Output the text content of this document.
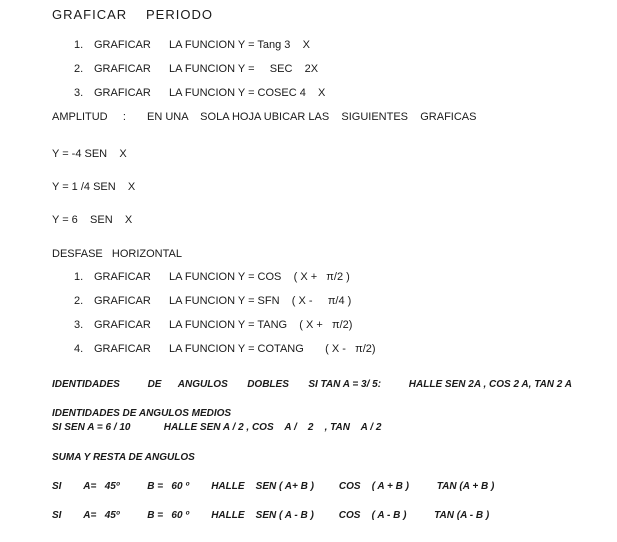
GRAFICAR PERIODO
1. GRAFICAR LA FUNCION Y = Tang 3    X
2. GRAFICAR LA FUNCION Y =     SEC    2X
3. GRAFICAR LA FUNCION Y = COSEC 4    X
AMPLITUD     : EN UNA    SOLA HOJA UBICAR LAS    SIGUIENTES    GRAFICAS
Y = -4 SEN    X
Y = 1 /4 SEN    X
Y = 6    SEN    X
DESFASE   HORIZONTAL
1. GRAFICAR LA FUNCION Y = COS    ( X +   π/2 )
2. GRAFICAR LA FUNCION Y = SFN    ( X -     π/4 )
3. GRAFICAR LA FUNCION Y = TANG    ( X +   π/2)
4. GRAFICAR LA FUNCION Y = COTANG       ( X -   π/2)
IDENTIDADES          DE      ANGULOS       DOBLES       SI TAN A = 3/ 5:          HALLE SEN 2A , COS 2 A, TAN 2 A
IDENTIDADES DE ANGULOS MEDIOS
SI SEN A = 6 / 10            HALLE SEN A / 2 , COS    A /    2    , TAN    A / 2
SUMA Y RESTA DE ANGULOS
SI        A=   45º          B =   60 º        HALLE    SEN ( A+ B )         COS    ( A + B )          TAN (A + B )
SI        A=   45º          B =   60 º        HALLE    SEN ( A - B )         COS    ( A - B )          TAN (A - B )
